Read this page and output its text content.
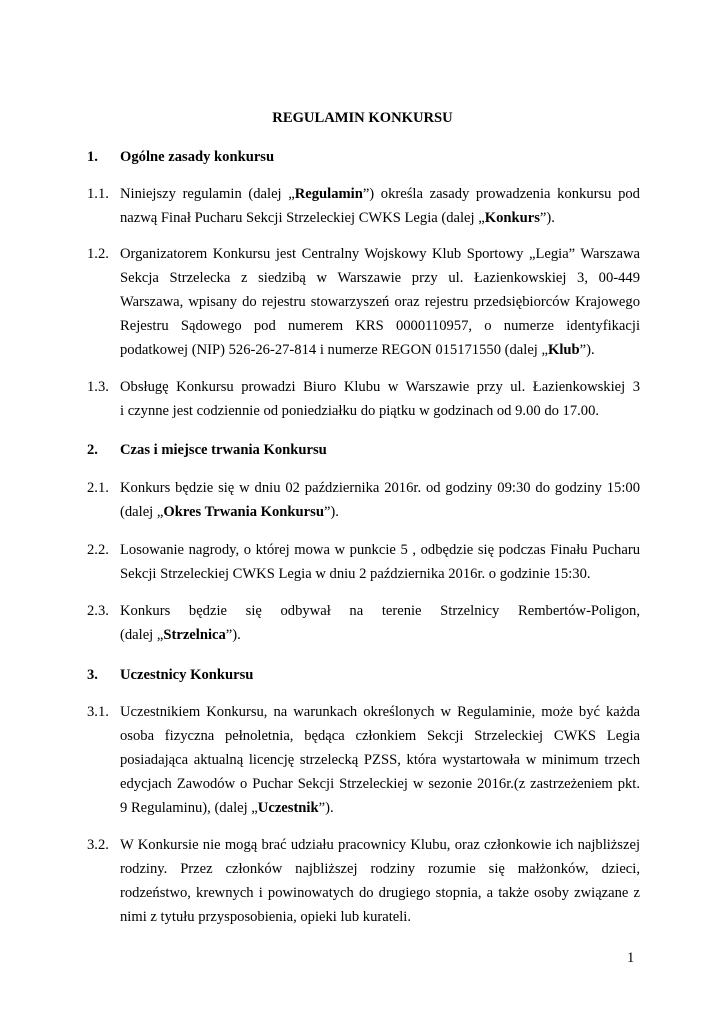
REGULAMIN KONKURSU
1. Ogólne zasady konkursu
1.1. Niniejszy regulamin (dalej „Regulamin”) określa zasady prowadzenia konkursu pod
nazwą Finał Pucharu Sekcji Strzeleckiej CWKS Legia (dalej „Konkurs”).
1.2. Organizatorem Konkursu jest Centralny Wojskowy Klub Sportowy „Legia” Warszawa
Sekcja Strzelecka z siedzibą w Warszawie przy ul. Łazienkowskiej 3, 00-449
Warszawa, wpisany do rejestru stowarzyszeń oraz rejestru przedsiębiorców Krajowego
Rejestru Sądowego pod numerem KRS 0000110957, o numerze identyfikacji
podatkowej (NIP) 526-26-27-814 i numerze REGON 015171550 (dalej „Klub”).
1.3. Obsługę Konkursu prowadzi Biuro Klubu w Warszawie przy ul. Łazienkowskiej 3
i czynne jest codziennie od poniedziałku do piątku w godzinach od 9.00 do 17.00.
2. Czas i miejsce trwania Konkursu
2.1. Konkurs będzie się w dniu 02 października 2016r. od godziny 09:30 do godziny 15:00
(dalej „Okres Trwania Konkursu”).
2.2. Losowanie nagrody, o której mowa w punkcie 5 , odbędzie się podczas Finału Pucharu
Sekcji Strzeleckiej CWKS Legia w dniu 2 października 2016r. o godzinie 15:30.
2.3. Konkurs będzie się odbywał na terenie Strzelnicy Rembertów-Poligon,
(dalej „Strzelnica”).
3. Uczestnicy Konkursu
3.1. Uczestnikiem Konkursu, na warunkach określonych w Regulaminie, może być każda
osoba fizyczna pełnoletnia, będąca członkiem Sekcji Strzeleckiej CWKS Legia
posiadająca aktualną licencję strzelecką PZSS, która wystartowała w minimum trzech
edycjach Zawodów o Puchar Sekcji Strzeleckiej w sezonie 2016r.(z zastrzeżeniem pkt.
9 Regulaminu), (dalej „Uczestnik”).
3.2. W Konkursie nie mogą brać udziału pracownicy Klubu, oraz członkowie ich najbliższej
rodziny. Przez członków najbliższej rodziny rozumie się małżonków, dzieci,
rodzeństwo, krewnych i powinowatych do drugiego stopnia, a także osoby związane z
nimi z tytułu przysposobienia, opieki lub kurateli.
1
